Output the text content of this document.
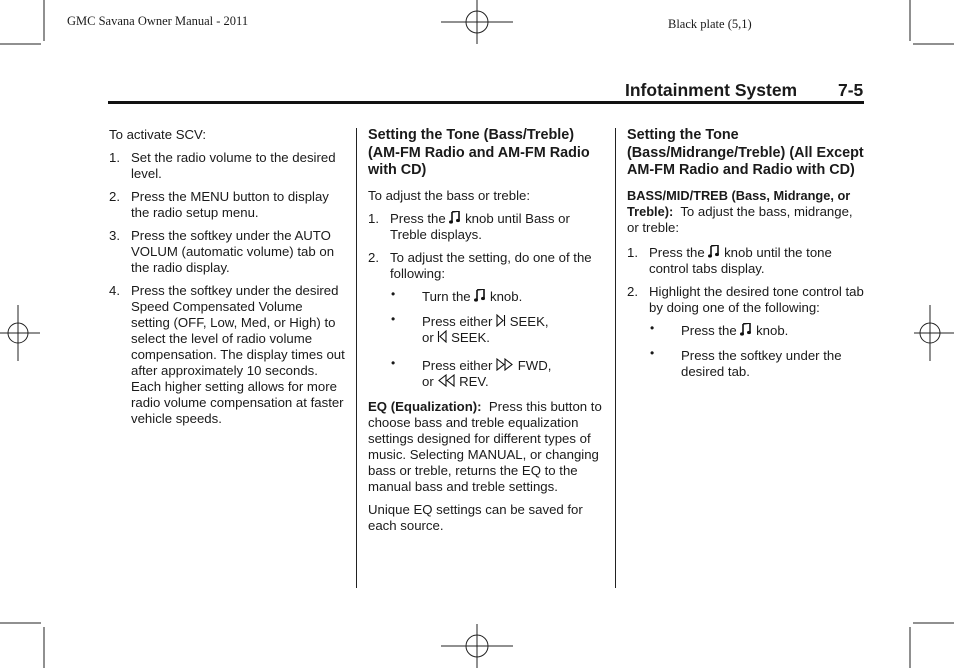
GMC Savana Owner Manual - 2011	Black plate (5,1)
Infotainment System 7-5

To activate SCV:

1. Set the radio volume to the desired level.
2. Press the MENU button to display the radio setup menu.
3. Press the softkey under the AUTO VOLUM (automatic volume) tab on the radio display.
4. Press the softkey under the desired Speed Compensated Volume setting (OFF, Low, Med, or High) to select the level of radio volume compensation. The display times out after approximately 10 seconds. Each higher setting allows for more radio volume compensation at faster vehicle speeds.
Setting the Tone (Bass/Treble) (AM-FM Radio and AM-FM Radio with CD)

To adjust the bass or treble:

1. Press the knob until Bass or Treble displays.
2. To adjust the setting, do one of the following:
• Turn the knob.
• Press either SEEK,
or SEEK.
• Press either FWD,
or REV.

EQ (Equalization): Press this button to choose bass and treble equalization settings designed for different types of music. Selecting MANUAL, or changing bass or treble, returns the EQ to the manual bass and treble settings.

Unique EQ settings can be saved for each source.

Setting the Tone (Bass/Midrange/Treble) (All Except AM-FM Radio and Radio with CD)

BASS/MID/TREB (Bass, Midrange, or Treble): To adjust the bass, midrange, or treble:

1. Press the knob until the tone control tabs display.
2. Highlight the desired tone control tab by doing one of the following:
• Press the knob.
• Press the softkey under the desired tab.
